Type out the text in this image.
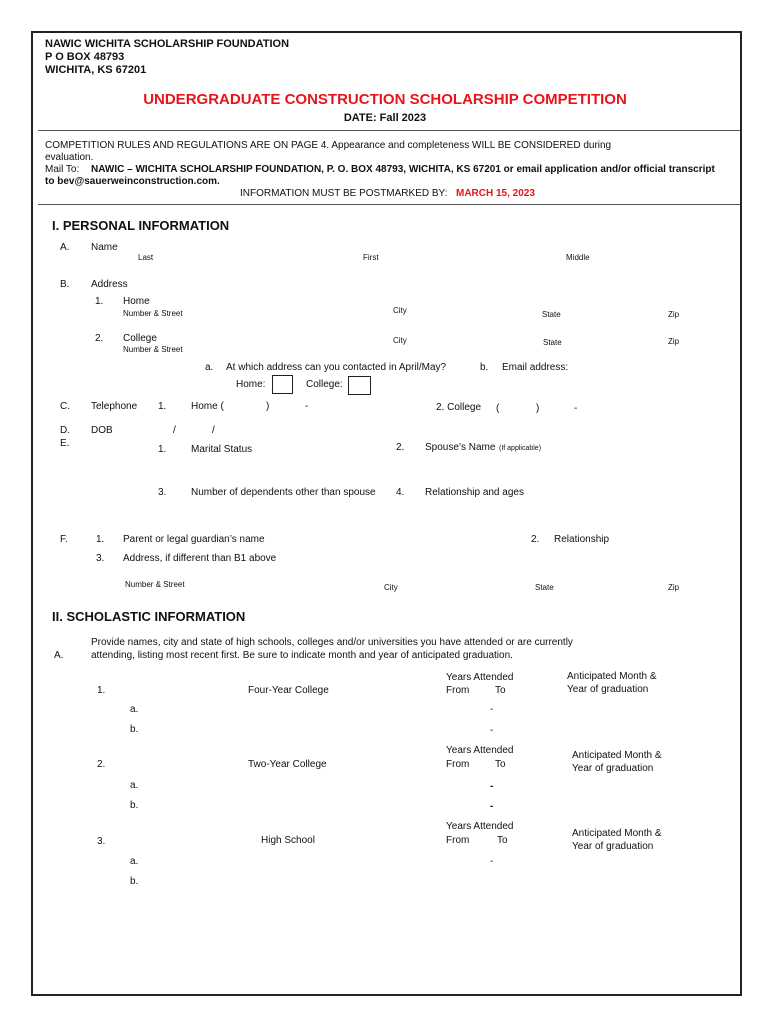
NAWIC WICHITA SCHOLARSHIP FOUNDATION
P O BOX 48793
WICHITA, KS 67201
UNDERGRADUATE CONSTRUCTION SCHOLARSHIP COMPETITION
DATE: Fall 2023
COMPETITION RULES AND REGULATIONS ARE ON PAGE 4. Appearance and completeness WILL BE CONSIDERED during
evaluation.
Mail To: NAWIC – WICHITA SCHOLARSHIP FOUNDATION, P. O. BOX 48793, WICHITA, KS 67201 or email application and/or official transcript
to bev@sauerweinconstruction.com.
INFORMATION MUST BE POSTMARKED BY: MARCH 15, 2023
I. PERSONAL INFORMATION
A. Name
Last	First	Middle
B. Address
1. Home
Number & Street	City	State	Zip
2. College
Number & Street
City	State	Zip
a. At which address can you contacted in April/May?	b. Email address:
Home:	College:
C. Telephone 1. Home (	)	-	2. College (	)	-
D. DOB	/	/
E.
1. Marital Status	2. Spouse’s Name (If applicable)
3. Number of dependents other than spouse 4. Relationship and ages
F.	1. Parent or legal guardian’s name	2. Relationship
3. Address, if different than B1 above
Number & Street	City	State	Zip
II. SCHOLASTIC INFORMATION
Provide names, city and state of high schools, colleges and/or universities you have attended or are currently
A.	attending, listing most recent first. Be sure to indicate month and year of anticipated graduation.
Years Attended
From	To
Anticipated Month &
Year of graduation
1.	Four-Year College
a.	-
b.	-
Years Attended
From	To
Anticipated Month &
Year of graduation
2.	Two-Year College
a.	-
b.	-
Years Attended
From	To
Anticipated Month &
Year of graduation
3.	High School
a.	-
b.
